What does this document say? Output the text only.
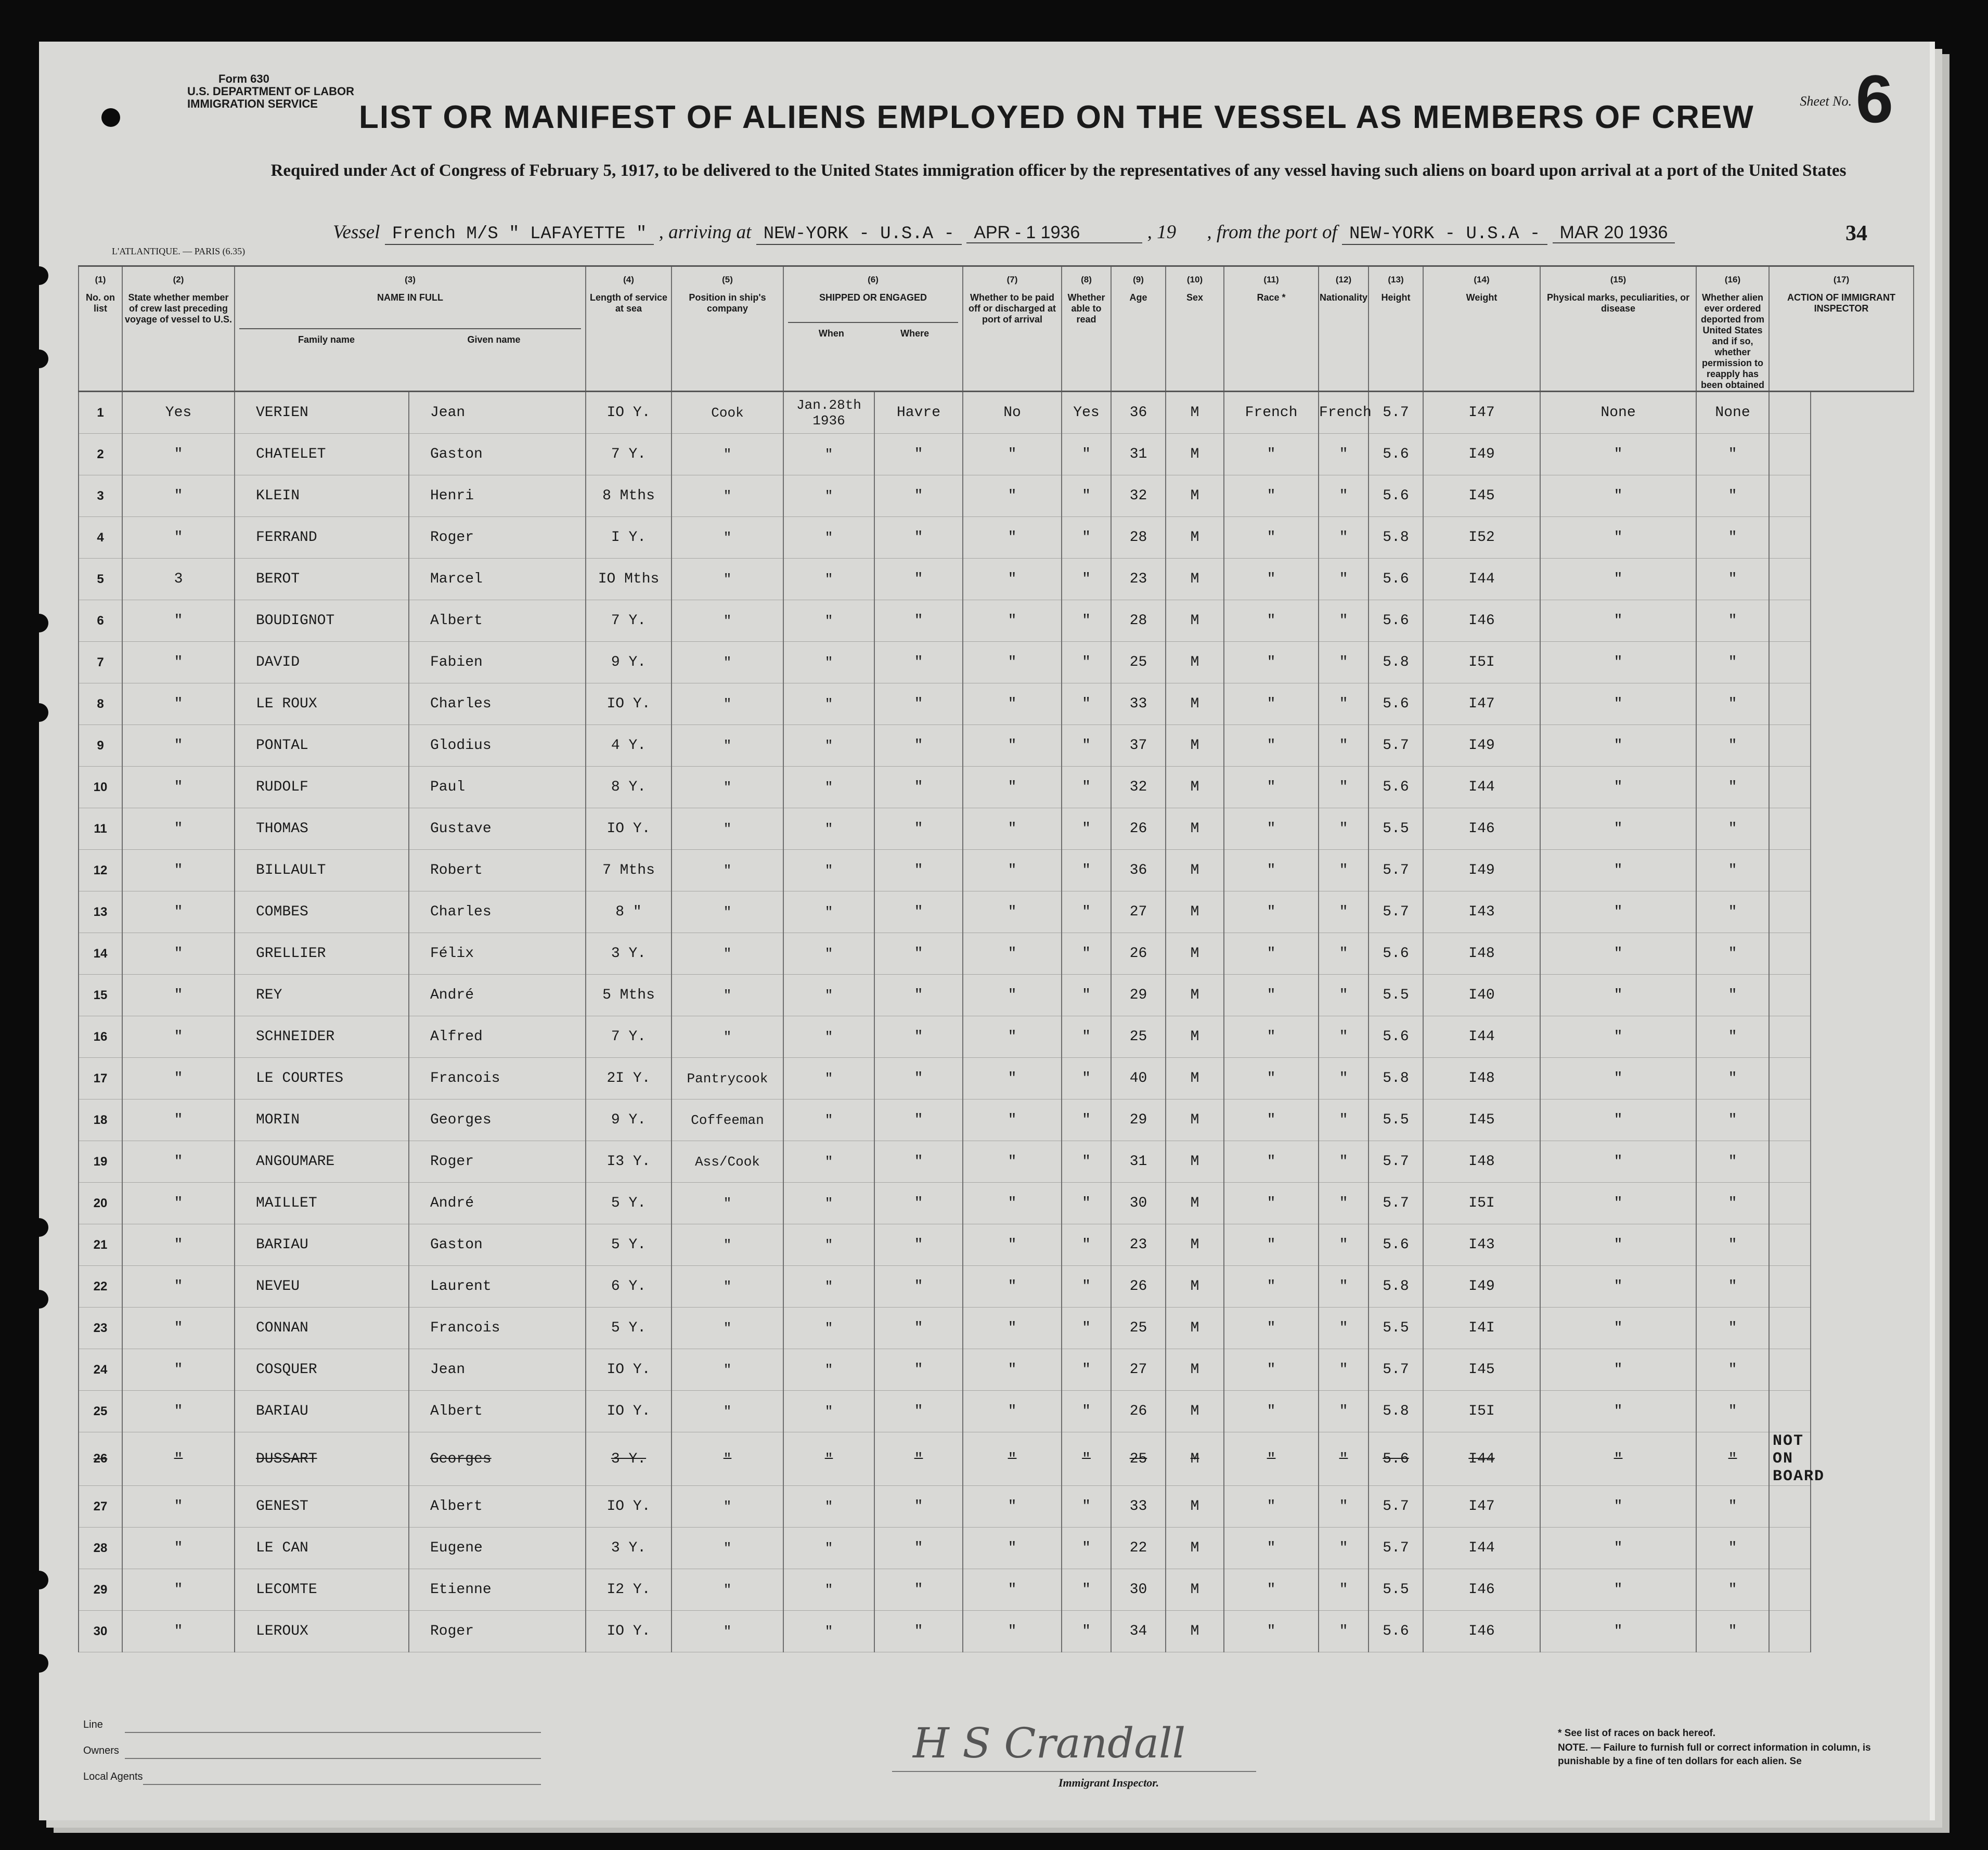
Form 630
U.S. DEPARTMENT OF LABOR
IMMIGRATION SERVICE	Sheet No. 6
LIST OR MANIFEST OF ALIENS EMPLOYED ON THE VESSEL AS MEMBERS OF CREW
Required under Act of Congress of February 5, 1917, to be delivered to the United States immigration officer by the representatives of any vessel having such aliens on board upon arrival at a port of the United States
Vessel French M/S " LAFAYETTE " , arriving at NEW-YORK - U.S.A - APR - 1 1936	, 19 , from the port of NEW-YORK - U.S.A - MAR 20 1936	34
L'ATLANTIQUE. — PARIS (6.35)
(1)
No. on list	(2)
State whether member of crew last preceding voyage of vessel to U.S.	(3)
NAME IN FULL
Family name Given name		(4)
Length of service at sea	(5)
Position in ship's company	(6)
SHIPPED OR ENGAGED
When Where		(7)
Whether to be paid off or discharged at port of arrival	(8)
Whether able to read	(9)
Age	(10)
Sex	(11)
Race *	(12)
Nationality	(13)
Height	(14)
Weight	(15)
Physical marks, peculiarities, or disease	(16)
Whether alien ever ordered deported from United States and if so, whether permission to reapply has been obtained	(17)
ACTION OF IMMIGRANT INSPECTOR
1	Yes	VERIEN	Jean	IO Y.	Cook	Jan.28th 1936	Havre	No	Yes	36	M	French	French	5.7	I47	None	None	
2	"	CHATELET	Gaston	7 Y.	"	"	"	"	"	31	M	"	"	5.6	I49	"	"	
3	"	KLEIN	Henri	8 Mths	"	"	"	"	"	32	M	"	"	5.6	I45	"	"	
4	"	FERRAND	Roger	I Y.	"	"	"	"	"	28	M	"	"	5.8	I52	"	"	
5	3	BEROT	Marcel	IO Mths	"	"	"	"	"	23	M	"	"	5.6	I44	"	"	
6	"	BOUDIGNOT	Albert	7 Y.	"	"	"	"	"	28	M	"	"	5.6	I46	"	"	
7	"	DAVID	Fabien	9 Y.	"	"	"	"	"	25	M	"	"	5.8	I5I	"	"	
8	"	LE ROUX	Charles	IO Y.	"	"	"	"	"	33	M	"	"	5.6	I47	"	"	
9	"	PONTAL	Glodius	4 Y.	"	"	"	"	"	37	M	"	"	5.7	I49	"	"	
10	"	RUDOLF	Paul	8 Y.	"	"	"	"	"	32	M	"	"	5.6	I44	"	"	
11	"	THOMAS	Gustave	IO Y.	"	"	"	"	"	26	M	"	"	5.5	I46	"	"	
12	"	BILLAULT	Robert	7 Mths	"	"	"	"	"	36	M	"	"	5.7	I49	"	"	
13	"	COMBES	Charles	8 "	"	"	"	"	"	27	M	"	"	5.7	I43	"	"	
14	"	GRELLIER	Félix	3 Y.	"	"	"	"	"	26	M	"	"	5.6	I48	"	"	
15	"	REY	André	5 Mths	"	"	"	"	"	29	M	"	"	5.5	I40	"	"	
16	"	SCHNEIDER	Alfred	7 Y.	"	"	"	"	"	25	M	"	"	5.6	I44	"	"	
17	"	LE COURTES	Francois	2I Y.	Pantrycook	"	"	"	"	40	M	"	"	5.8	I48	"	"	
18	"	MORIN	Georges	9 Y.	Coffeeman	"	"	"	"	29	M	"	"	5.5	I45	"	"	
19	"	ANGOUMARE	Roger	I3 Y.	Ass/Cook	"	"	"	"	31	M	"	"	5.7	I48	"	"	
20	"	MAILLET	André	5 Y.	"	"	"	"	"	30	M	"	"	5.7	I5I	"	"	
21	"	BARIAU	Gaston	5 Y.	"	"	"	"	"	23	M	"	"	5.6	I43	"	"	
22	"	NEVEU	Laurent	6 Y.	"	"	"	"	"	26	M	"	"	5.8	I49	"	"	
23	"	CONNAN	Francois	5 Y.	"	"	"	"	"	25	M	"	"	5.5	I4I	"	"	
24	"	COSQUER	Jean	IO Y.	"	"	"	"	"	27	M	"	"	5.7	I45	"	"	
25	"	BARIAU	Albert	IO Y.	"	"	"	"	"	26	M	"	"	5.8	I5I	"	"	
26	"	DUSSART	Georges	3 Y.	"	"	"	"	"	25	M	"	"	5.6	I44	"	"	NOT ON BOARD
27	"	GENEST	Albert	IO Y.	"	"	"	"	"	33	M	"	"	5.7	I47	"	"	
28	"	LE CAN	Eugene	3 Y.	"	"	"	"	"	22	M	"	"	5.7	I44	"	"	
29	"	LECOMTE	Etienne	I2 Y.	"	"	"	"	"	30	M	"	"	5.5	I46	"	"	
30	"	LEROUX	Roger	IO Y.	"	"	"	"	"	34	M	"	"	5.6	I46	"	"	
Line
Owners
Local Agents
H S Crandall
Immigrant Inspector.
* See list of races on back hereof.
NOTE. — Failure to furnish full or correct information in column, is punishable by a fine of ten dollars for each alien. Se
